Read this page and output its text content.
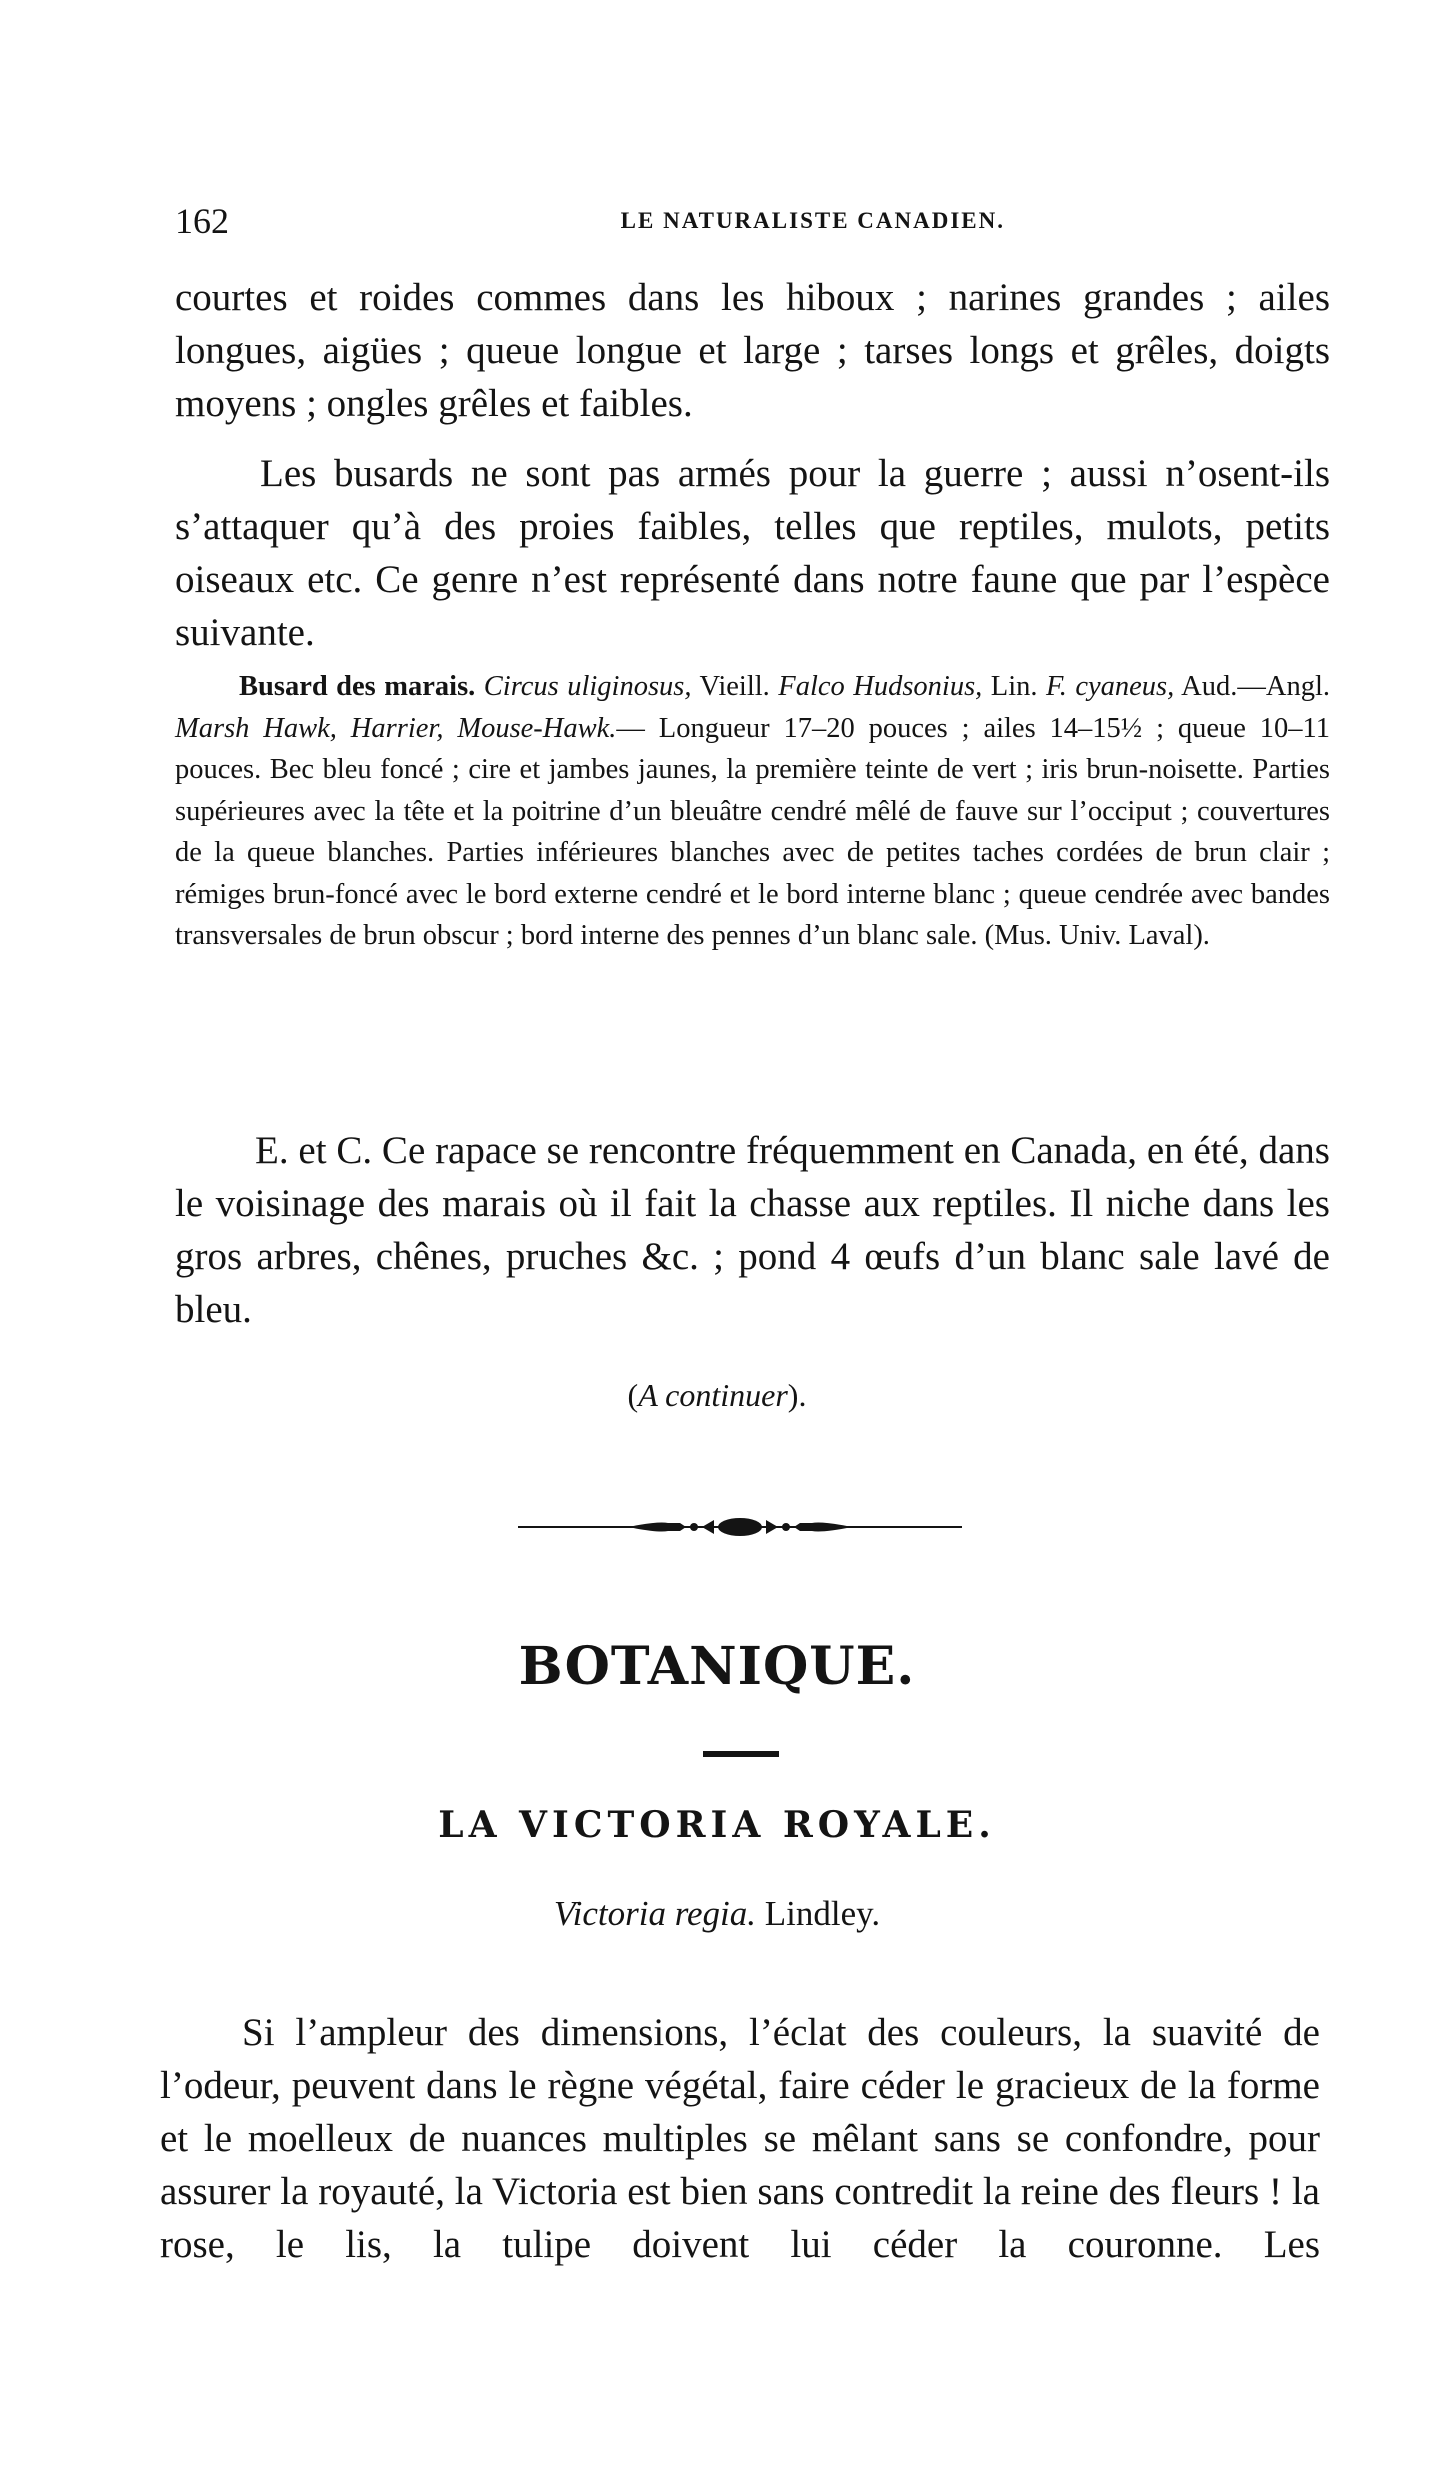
162	LE NATURALISTE CANADIEN.

courtes et roides commes dans les hiboux ; narines grandes ; ailes longues, aigües ; queue longue et large ; tarses longs et grêles, doigts moyens ; ongles grêles et faibles.

Les busards ne sont pas armés pour la guerre ; aussi n’osent-ils s’attaquer qu’à des proies faibles, telles que reptiles, mulots, petits oiseaux etc. Ce genre n’est représenté dans notre faune que par l’espèce suivante.

Busard des marais. Circus uliginosus, Vieill. Falco Hudsonius, Lin. F. cyaneus, Aud.—Angl. Marsh Hawk, Harrier, Mouse-Hawk.— Longueur 17–20 pouces ; ailes 14–15½ ; queue 10–11 pouces. Bec bleu foncé ; cire et jambes jaunes, la première teinte de vert ; iris brun-noisette. Parties supérieures avec la tête et la poitrine d’un bleuâtre cendré mêlé de fauve sur l’occiput ; couvertures de la queue blanches. Parties inférieures blanches avec de petites taches cordées de brun clair ; rémiges brun-foncé avec le bord externe cendré et le bord interne blanc ; queue cendrée avec bandes transversales de brun obscur ; bord interne des pennes d’un blanc sale. (Mus. Univ. Laval).

E. et C. Ce rapace se rencontre fréquemment en Canada, en été, dans le voisinage des marais où il fait la chasse aux reptiles. Il niche dans les gros arbres, chênes, pruches &c. ; pond 4 œufs d’un blanc sale lavé de bleu.

(A continuer).
BOTANIQUE.
LA VICTORIA ROYALE.
Victoria regia. Lindley.

Si l’ampleur des dimensions, l’éclat des couleurs, la suavité de l’odeur, peuvent dans le règne végétal, faire céder le gracieux de la forme et le moelleux de nuances multiples se mêlant sans se confondre, pour assurer la royauté, la Victoria est bien sans contredit la reine des fleurs ! la rose, le lis, la tulipe doivent lui céder la couronne. Les
